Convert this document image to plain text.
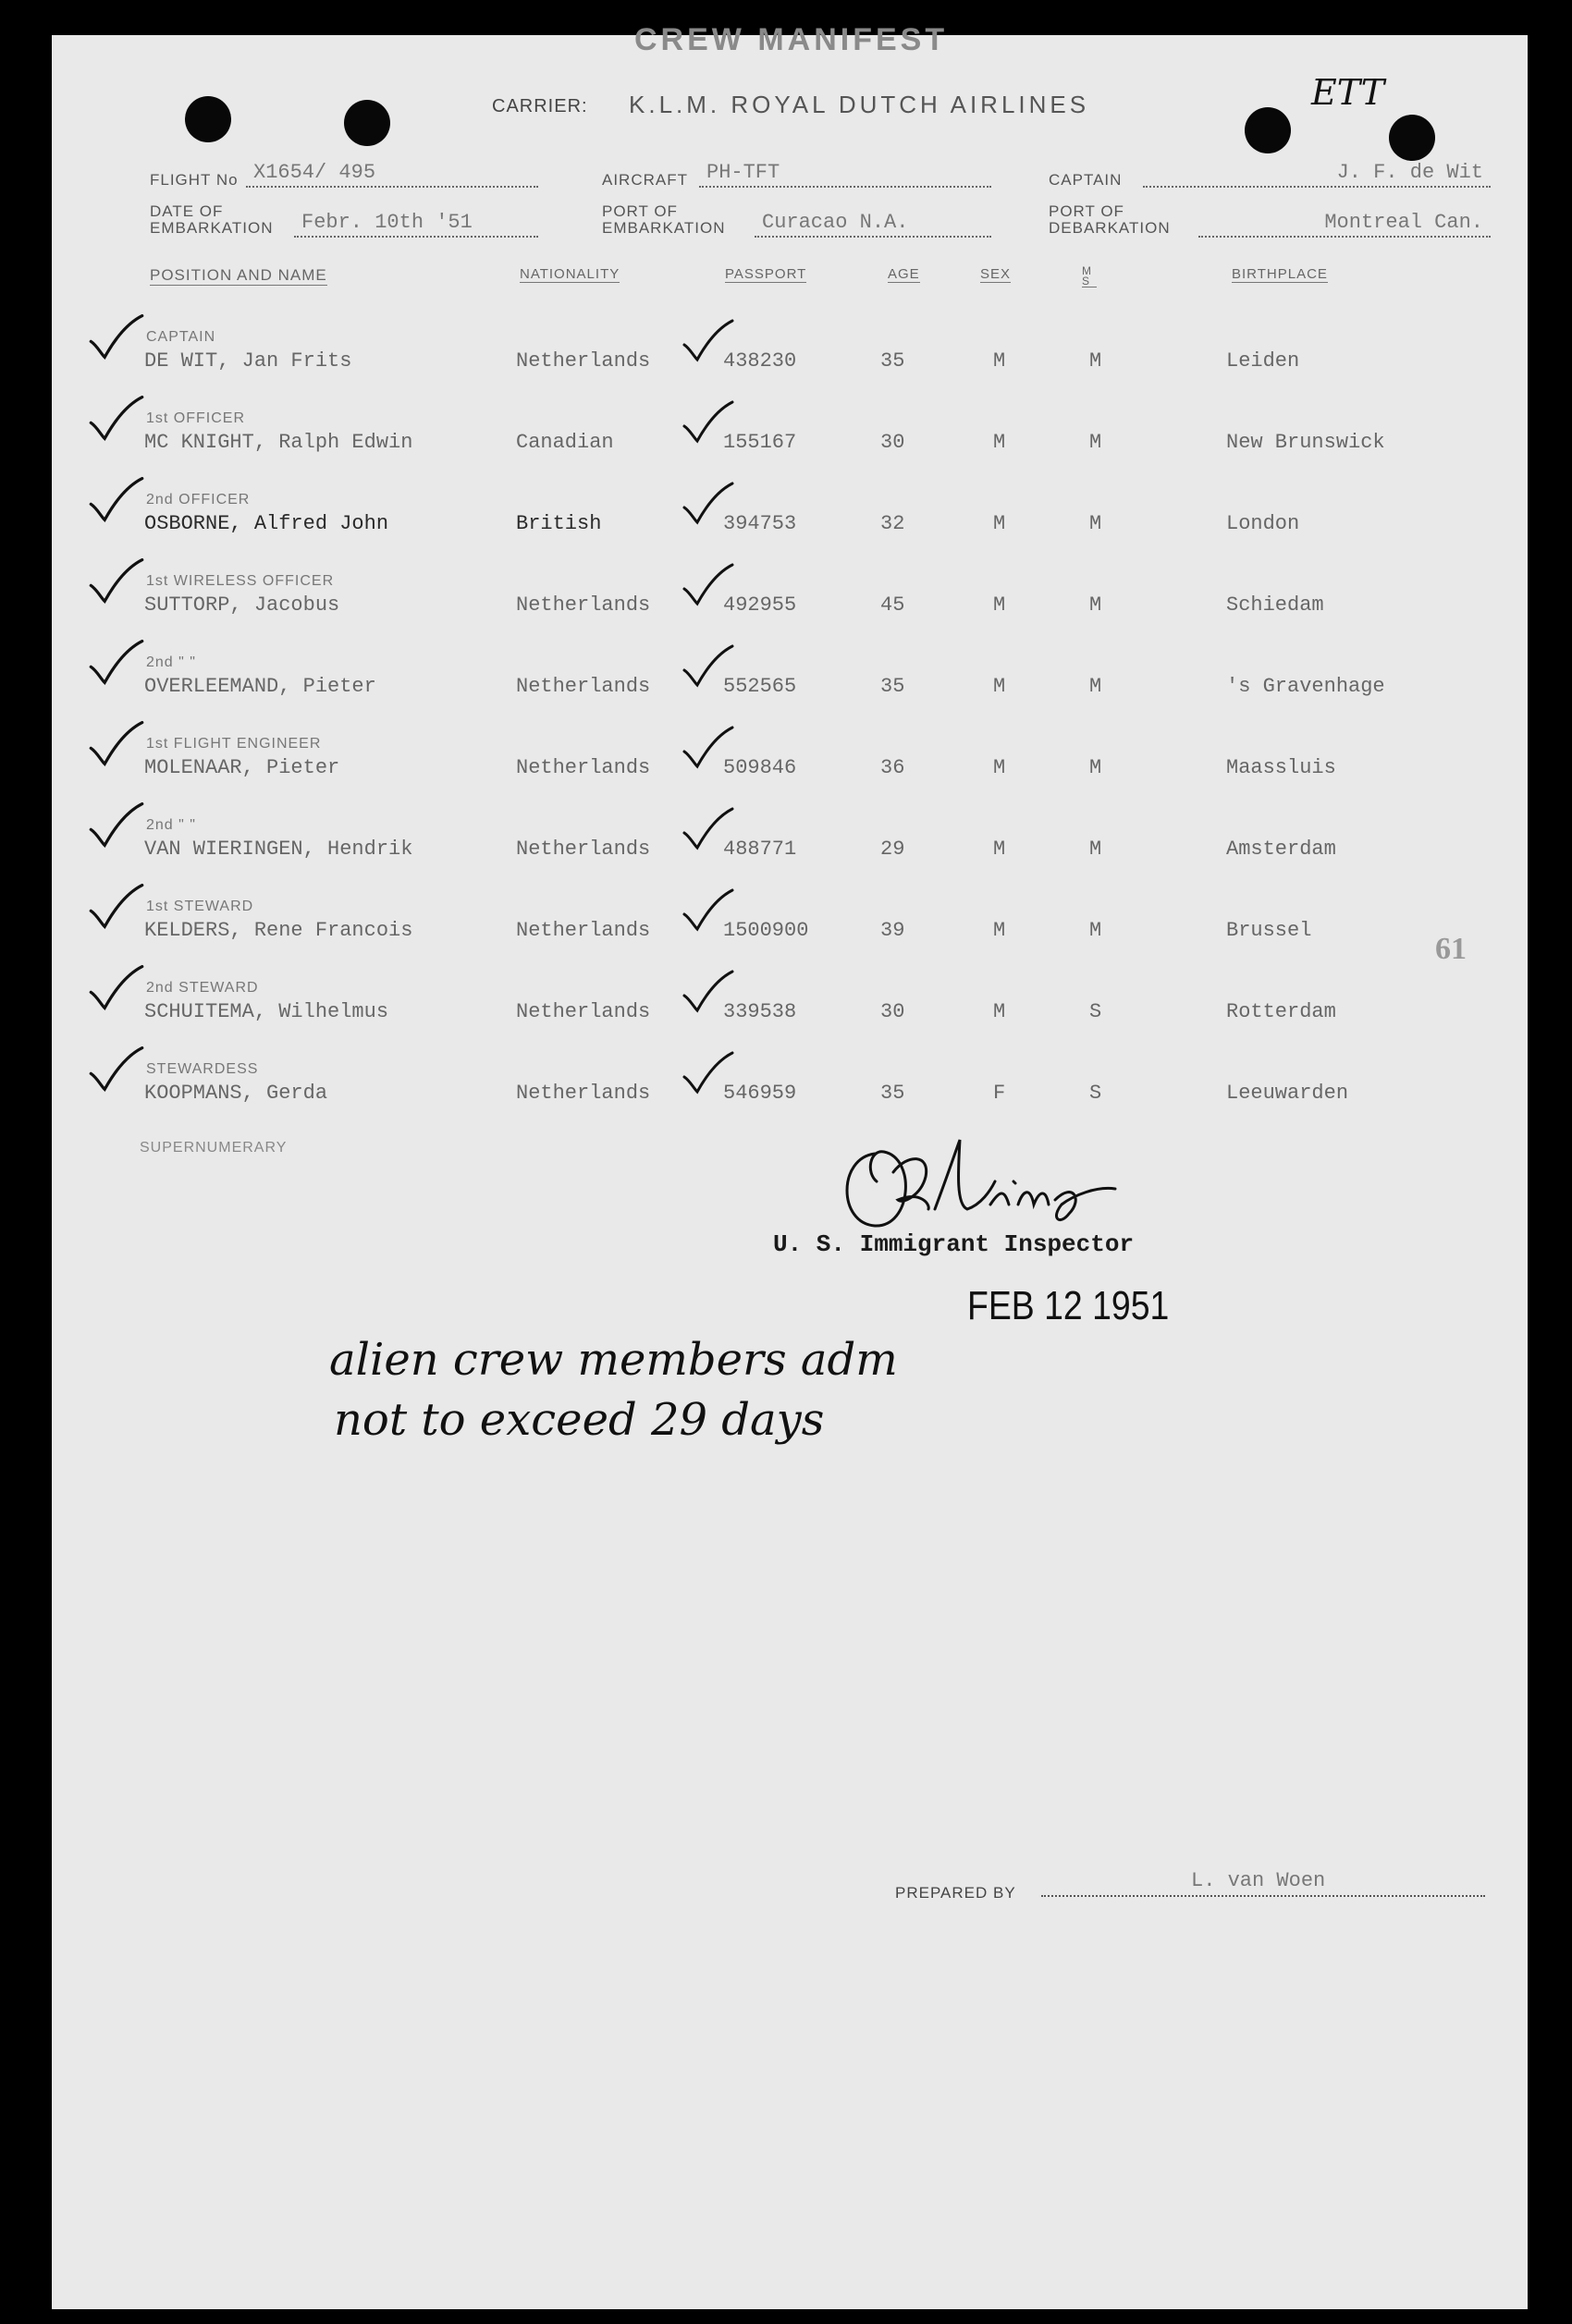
CREW MANIFEST
CARRIER: K.L.M. ROYAL DUTCH AIRLINES	ETT
FLIGHT No X1654/ 495	AIRCRAFT PH-TFT	CAPTAIN	J. F. de Wit
DATE OF
EMBARKATION	Febr. 10th '51	PORT OF
EMBARKATION	Curacao N.A.	PORT OF
DEBARKATION	Montreal Can.
POSITION AND NAME	NATIONALITY	PASSPORT	AGE	SEX	M S	BIRTHPLACE
CAPTAIN
DE WIT, Jan Frits	Netherlands	438230	35	M	M	Leiden
1st OFFICER
MC KNIGHT, Ralph Edwin	Canadian	155167	30	M	M	New Brunswick
2nd OFFICER
OSBORNE, Alfred John	British	394753	32	M	M	London
1st WIRELESS OFFICER
SUTTORP, Jacobus	Netherlands	492955	45	M	M	Schiedam
2nd " "
OVERLEEMAND, Pieter	Netherlands	552565	35	M	M	's Gravenhage
1st FLIGHT ENGINEER
MOLENAAR, Pieter	Netherlands	509846	36	M	M	Maassluis
2nd " "
VAN WIERINGEN, Hendrik	Netherlands	488771	29	M	M	Amsterdam
1st STEWARD
KELDERS, Rene Francois	Netherlands	1500900	39	M	M	Brussel
2nd STEWARD
SCHUITEMA, Wilhelmus	Netherlands	339538	30	M	S	Rotterdam
STEWARDESS
KOOPMANS, Gerda	Netherlands	546959	35	F	S	Leeuwarden
SUPERNUMERARY
U. S. Immigrant Inspector
FEB 12 1951
alien crew members adm
not to exceed 29 days
61
PREPARED BY
L. van Woen
